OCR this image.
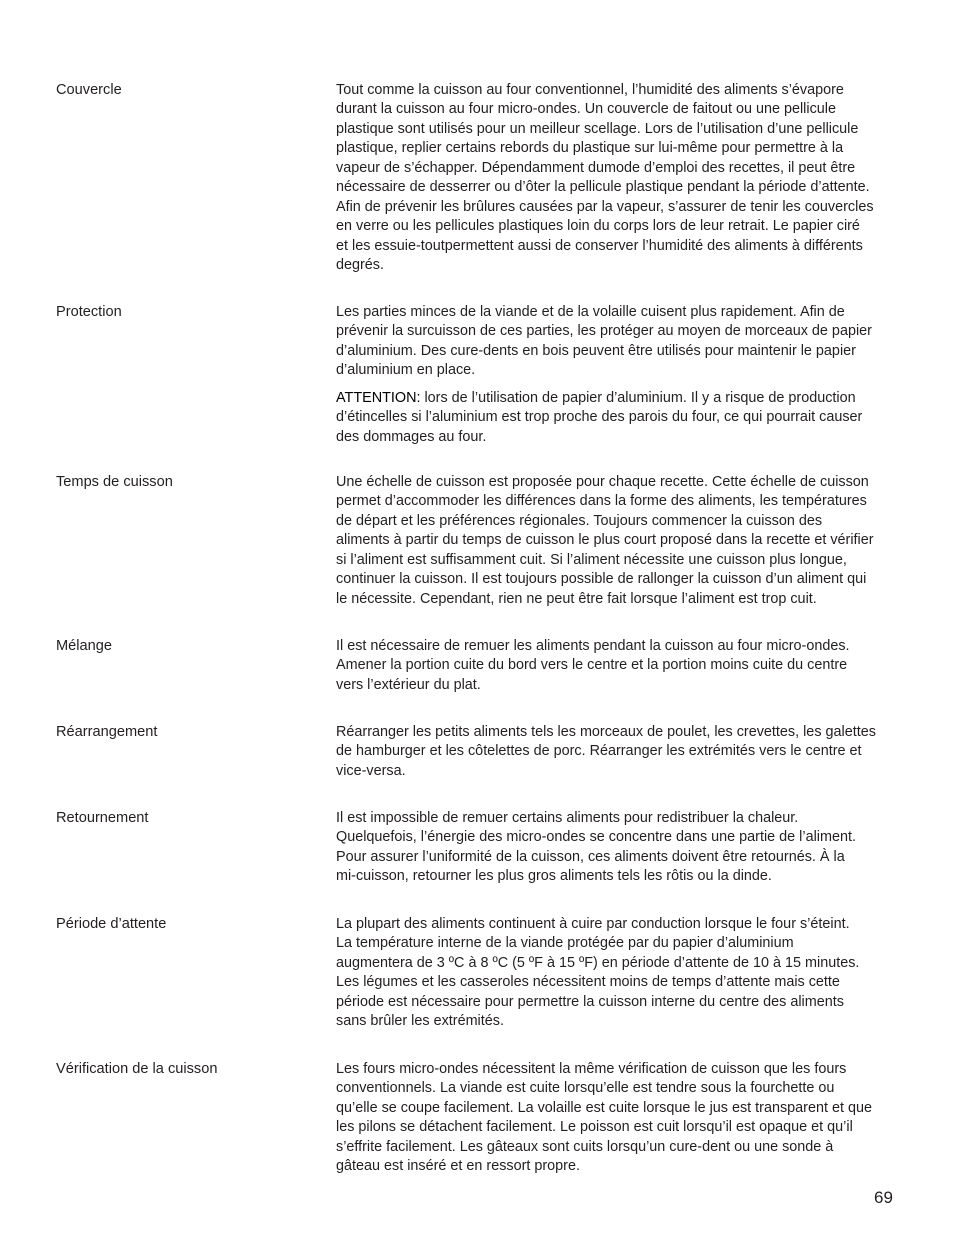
Couvercle	Tout comme la cuisson au four conventionnel, l’humidité des aliments s’évapore
durant la cuisson au four micro-ondes. Un couvercle de faitout ou une pellicule
plastique sont utilisés pour un meilleur scellage. Lors de l’utilisation d’une pellicule
plastique, replier certains rebords du plastique sur lui-même pour permettre à la
vapeur de s’échapper. Dépendamment dumode d’emploi des recettes, il peut être
nécessaire de desserrer ou d’ôter la pellicule plastique pendant la période d’attente.
Afin de prévenir les brûlures causées par la vapeur, s’assurer de tenir les couvercles
en verre ou les pellicules plastiques loin du corps lors de leur retrait. Le papier ciré
et les essuie-toutpermettent aussi de conserver l’humidité des aliments à différents
degrés.

Protection	Les parties minces de la viande et de la volaille cuisent plus rapidement. Afin de
prévenir la surcuisson de ces parties, les protéger au moyen de morceaux de papier
d’aluminium. Des cure-dents en bois peuvent être utilisés pour maintenir le papier
d’aluminium en place.

ATTENTION: lors de l’utilisation de papier d’aluminium. Il y a risque de production
d’étincelles si l’aluminium est trop proche des parois du four, ce qui pourrait causer
des dommages au four.

Temps de cuisson	Une échelle de cuisson est proposée pour chaque recette. Cette échelle de cuisson
permet d’accommoder les différences dans la forme des aliments, les températures
de départ et les préférences régionales. Toujours commencer la cuisson des
aliments à partir du temps de cuisson le plus court proposé dans la recette et vérifier
si l’aliment est suffisamment cuit. Si l’aliment nécessite une cuisson plus longue,
continuer la cuisson. Il est toujours possible de rallonger la cuisson d’un aliment qui
le nécessite. Cependant, rien ne peut être fait lorsque l’aliment est trop cuit.

Mélange	Il est nécessaire de remuer les aliments pendant la cuisson au four micro-ondes.
Amener la portion cuite du bord vers le centre et la portion moins cuite du centre
vers l’extérieur du plat.

Réarrangement	Réarranger les petits aliments tels les morceaux de poulet, les crevettes, les galettes
de hamburger et les côtelettes de porc. Réarranger les extrémités vers le centre et
vice-versa.

Retournement	Il est impossible de remuer certains aliments pour redistribuer la chaleur.
Quelquefois, l’énergie des micro-ondes se concentre dans une partie de l’aliment.
Pour assurer l’uniformité de la cuisson, ces aliments doivent être retournés. À la
mi-cuisson, retourner les plus gros aliments tels les rôtis ou la dinde.

Période d’attente	La plupart des aliments continuent à cuire par conduction lorsque le four s’éteint.
La température interne de la viande protégée par du papier d’aluminium
augmentera de 3 ºC à 8 ºC (5 ºF à 15 ºF) en période d’attente de 10 à 15 minutes.
Les légumes et les casseroles nécessitent moins de temps d’attente mais cette
période est nécessaire pour permettre la cuisson interne du centre des aliments
sans brûler les extrémités.

Vérification de la cuisson	Les fours micro-ondes nécessitent la même vérification de cuisson que les fours
conventionnels. La viande est cuite lorsqu’elle est tendre sous la fourchette ou
qu’elle se coupe facilement. La volaille est cuite lorsque le jus est transparent et que
les pilons se détachent facilement. Le poisson est cuit lorsqu’il est opaque et qu’il
s’effrite facilement. Les gâteaux sont cuits lorsqu’un cure-dent ou une sonde à
gâteau est inséré et en ressort propre.

69
